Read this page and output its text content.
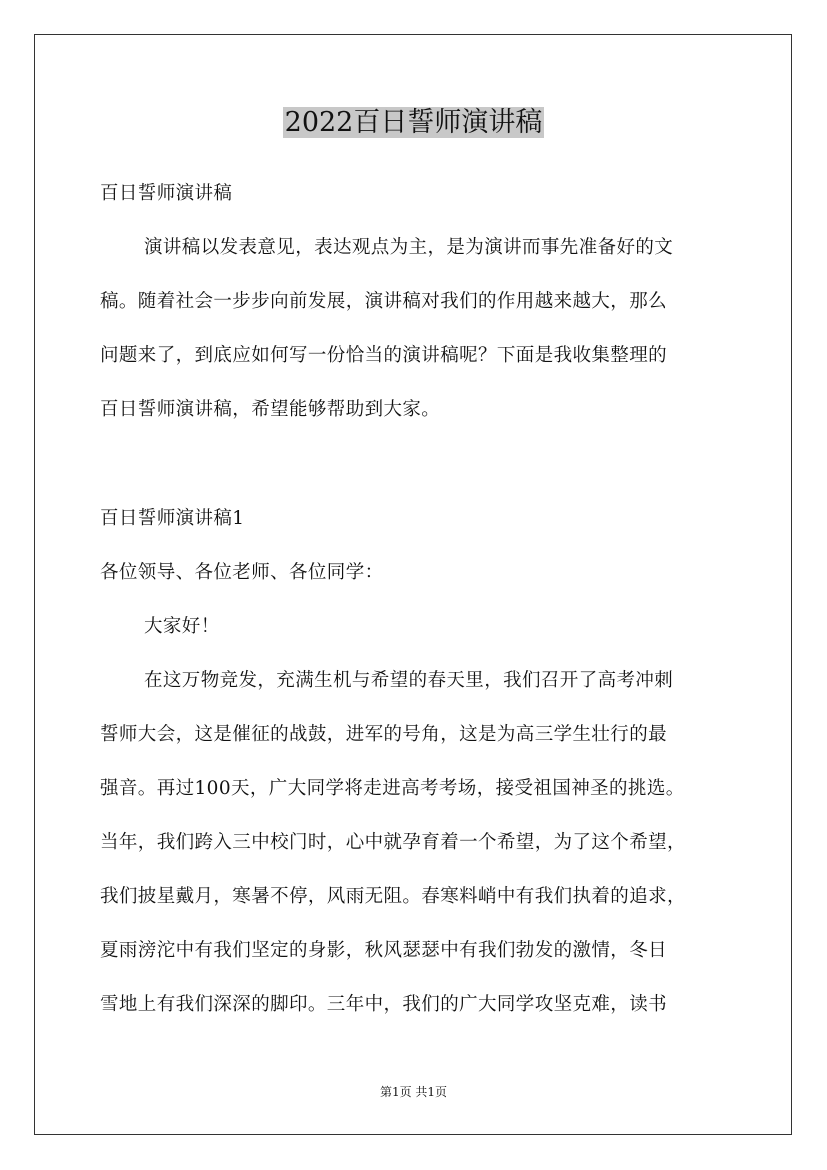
2022百日誓师演讲稿
百日誓师演讲稿
演讲稿以发表意见，表达观点为主，是为演讲而事先准备好的文
稿。随着社会一步步向前发展，演讲稿对我们的作用越来越大，那么
问题来了，到底应如何写一份恰当的演讲稿呢？下面是我收集整理的
百日誓师演讲稿，希望能够帮助到大家。
百日誓师演讲稿1
各位领导、各位老师、各位同学：
大家好！
在这万物竞发，充满生机与希望的春天里，我们召开了高考冲刺
誓师大会，这是催征的战鼓，进军的号角，这是为高三学生壮行的最
强音。再过100天，广大同学将走进高考考场，接受祖国神圣的挑选。
当年，我们跨入三中校门时，心中就孕育着一个希望，为了这个希望，
我们披星戴月，寒暑不停，风雨无阻。春寒料峭中有我们执着的追求，
夏雨滂沱中有我们坚定的身影，秋风瑟瑟中有我们勃发的激情，冬日
雪地上有我们深深的脚印。三年中，我们的广大同学攻坚克难，读书
第1页 共1页
